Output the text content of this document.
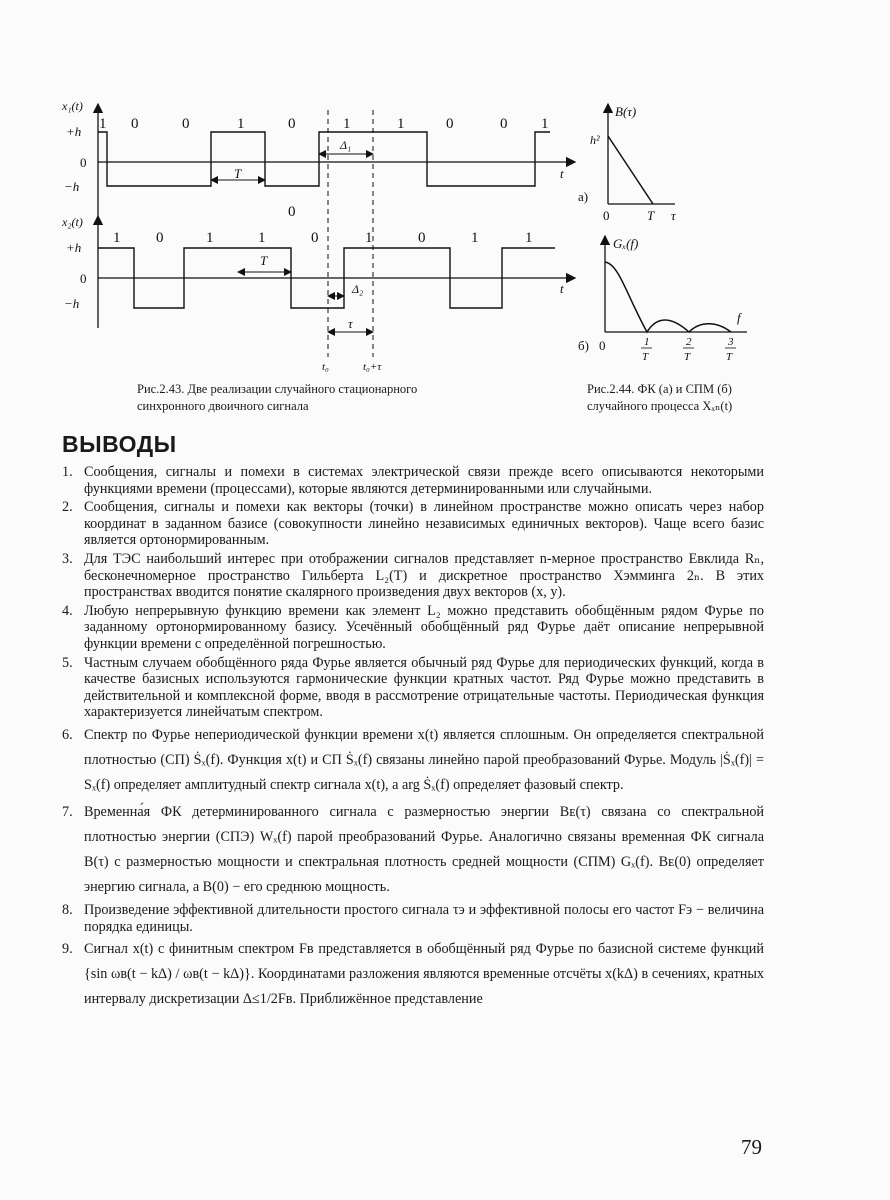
x₁(t)
+h
0
−h
t
T
Δ₁
1 0	0	1	0	1	1	0	0 1
0
x₂(t)
+h
0
−h
t
T
Δ₂
τ
1 0	1	1	0	1	0	1	1
t₀	t₀+τ
B(τ)
h²
а)
0	T τ
Gₓ(f)
f
б) 0	1
T
2
T
3
T
Рис.2.43. Две реализации случайного стационарного
синхронного двоичного сигнала
Рис.2.44. ФК (а) и СПМ (б)
случайного процесса Xₓₙ(t)
ВЫВОДЫ
1. Сообщения, сигналы и помехи в системах электрической связи прежде всего описываются некоторыми функциями времени (процессами), которые являются детерминированными или случайными.
2. Сообщения, сигналы и помехи как векторы (точки) в линейном пространстве можно описать через набор координат в заданном базисе (совокупности линейно независимых единичных векторов). Чаще всего базис является ортонормированным.
3. Для ТЭС наибольший интерес при отображении сигналов представляет n-мерное пространство Евклида Rₙ, бесконечномерное пространство Гильберта L₂(T) и дискретное пространство Хэмминга 2ₙ. В этих пространствах вводится понятие скалярного произведения двух векторов (x, y).
4. Любую непрерывную функцию времени как элемент L₂ можно представить обобщённым рядом Фурье по заданному ортонормированному базису. Усечённый обобщённый ряд Фурье даёт описание непрерывной функции времени с определённой погрешностью.
5. Частным случаем обобщённого ряда Фурье является обычный ряд Фурье для периодических функций, когда в качестве базисных используются гармонические функции кратных частот. Ряд Фурье можно представить в действительной и комплексной форме, вводя в рассмотрение отрицательные частоты. Периодическая функция характеризуется линейчатым спектром.
6. Спектр по Фурье непериодической функции времени x(t) является сплошным. Он определяется спектральной плотностью (СП) Ṡₓ(f). Функция x(t) и СП Ṡₓ(f) связаны линейно парой преобразований Фурье. Модуль |Ṡₓ(f)| = Sₓ(f) определяет амплитудный спектр сигнала x(t), а arg Ṡₓ(f) определяет фазовый спектр.
7. Временна́я ФК детерминированного сигнала с размерностью энергии Bᴇ(τ) связана со спектральной плотностью энергии (СПЭ) Wₓ(f) парой преобразований Фурье. Аналогично связаны временная ФК сигнала B(τ) с размерностью мощности и спектральная плотность средней мощности (СПМ) Gₓ(f). Bᴇ(0) определяет энергию сигнала, а B(0) − его среднюю мощность.
8. Произведение эффективной длительности простого сигнала τэ и эффективной полосы его частот Fэ − величина порядка единицы.
9. Сигнал x(t) с финитным спектром Fв представляется в обобщённый ряд Фурье по базисной системе функций {sin ωв(t − kΔ) / ωв(t − kΔ)}. Координатами разложения являются временные отсчёты x(kΔ) в сечениях, кратных интервалу дискретизации Δ≤1/2Fв. Приближённое представление
79
